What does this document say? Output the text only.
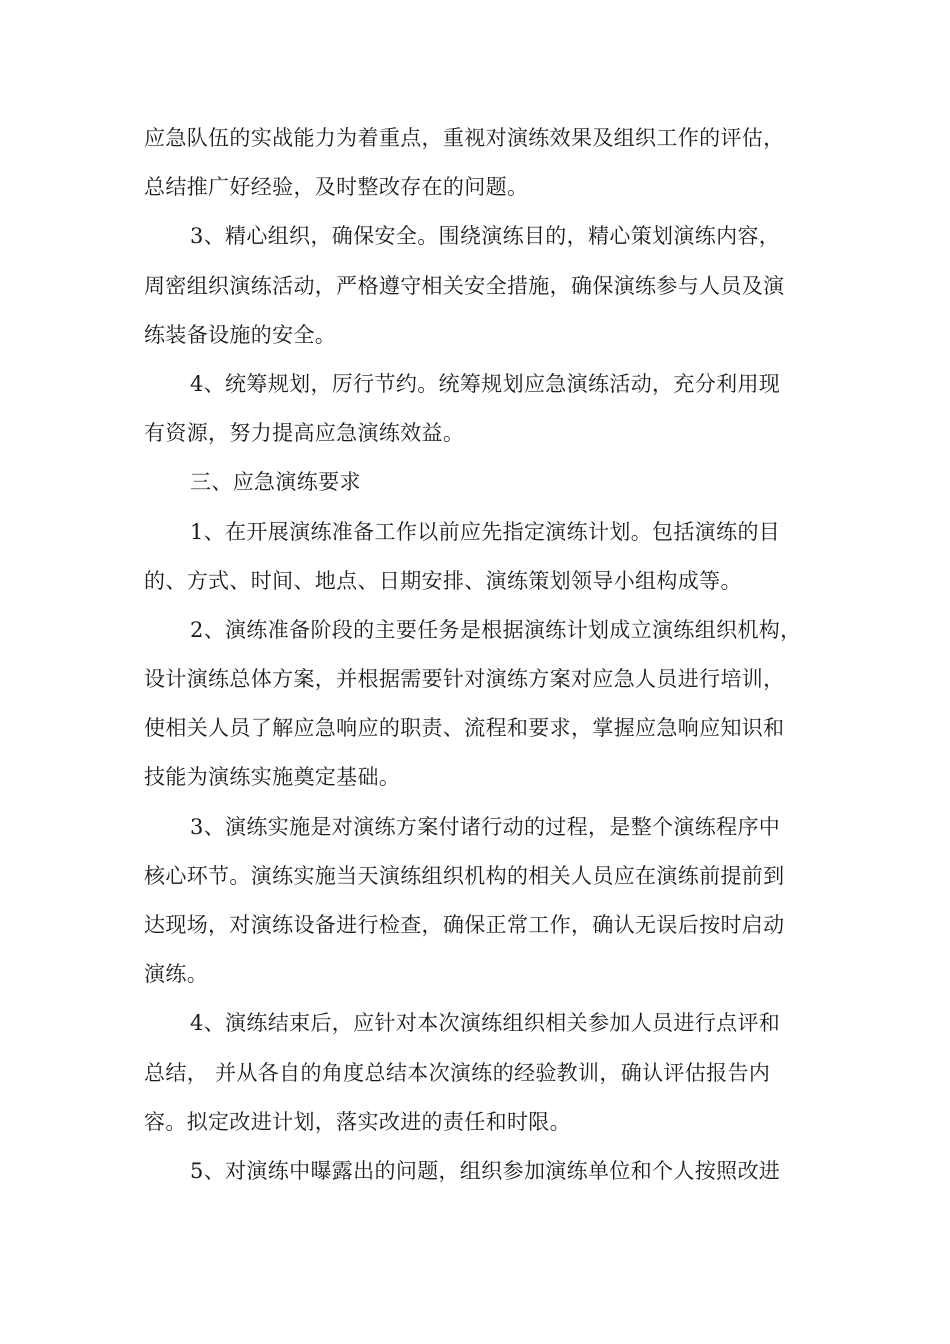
应急队伍的实战能力为着重点，重视对演练效果及组织工作的评估，
总结推广好经验，及时整改存在的问题。
3、精心组织，确保安全。围绕演练目的，精心策划演练内容，
周密组织演练活动，严格遵守相关安全措施，确保演练参与人员及演
练装备设施的安全。
4、统筹规划，厉行节约。统筹规划应急演练活动，充分利用现
有资源，努力提高应急演练效益。
三、应急演练要求
1、在开展演练准备工作以前应先指定演练计划。包括演练的目
的、方式、时间、地点、日期安排、演练策划领导小组构成等。
2、演练准备阶段的主要任务是根据演练计划成立演练组织机构，
设计演练总体方案，并根据需要针对演练方案对应急人员进行培训，
使相关人员了解应急响应的职责、流程和要求，掌握应急响应知识和
技能为演练实施奠定基础。
3、演练实施是对演练方案付诸行动的过程，是整个演练程序中
核心环节。演练实施当天演练组织机构的相关人员应在演练前提前到
达现场，对演练设备进行检查，确保正常工作，确认无误后按时启动
演练。
4、演练结束后，应针对本次演练组织相关参加人员进行点评和
总结， 并从各自的角度总结本次演练的经验教训，确认评估报告内
容。拟定改进计划，落实改进的责任和时限。
5、对演练中曝露出的问题，组织参加演练单位和个人按照改进
